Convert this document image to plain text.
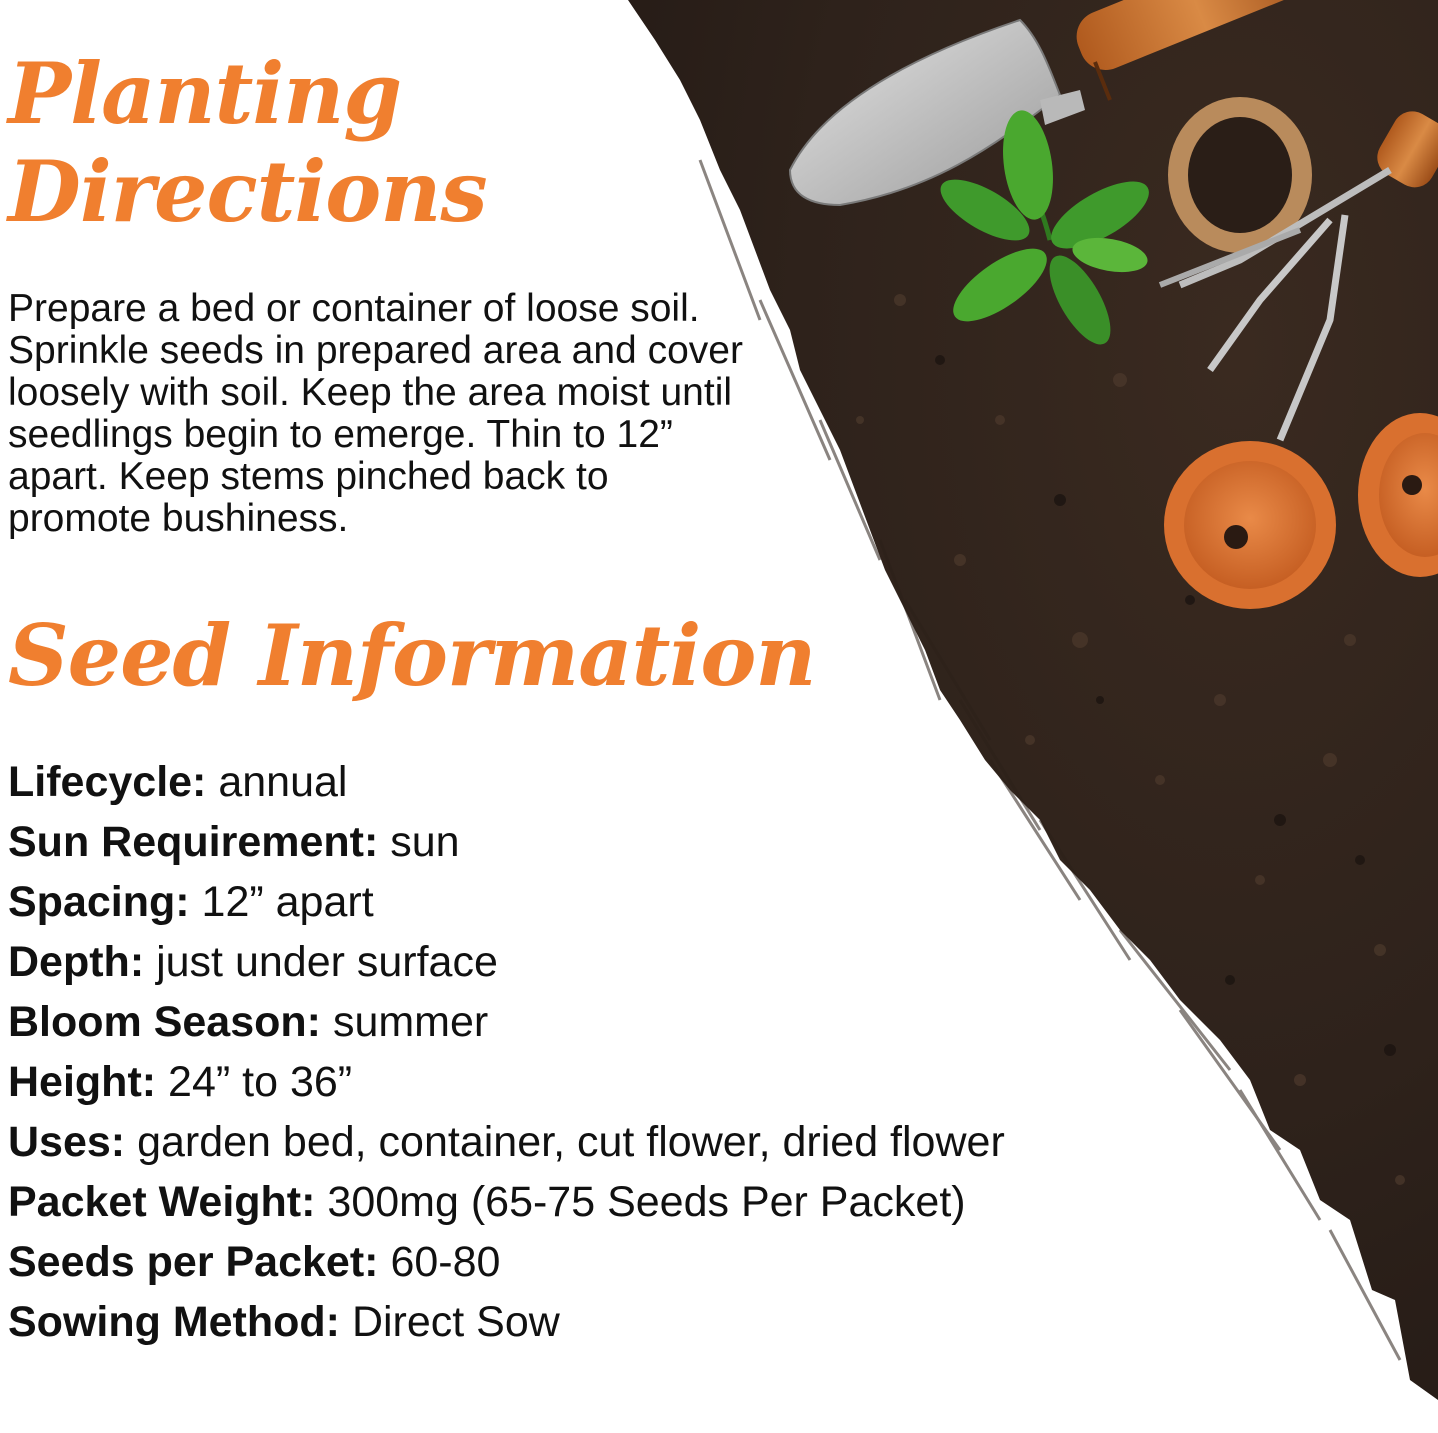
Planting
Directions

Prepare a bed or container of loose soil. Sprinkle seeds in prepared area and cover loosely with soil. Keep the area moist until seedlings begin to emerge. Thin to 12” apart. Keep stems pinched back to promote bushiness.

Seed Information
Lifecycle: annual
Sun Requirement: sun
Spacing: 12” apart
Depth: just under surface
Bloom Season: summer
Height: 24” to 36”
Uses: garden bed, container, cut flower, dried flower
Packet Weight: 300mg (65-75 Seeds Per Packet)
Seeds per Packet: 60-80
Sowing Method: Direct Sow
